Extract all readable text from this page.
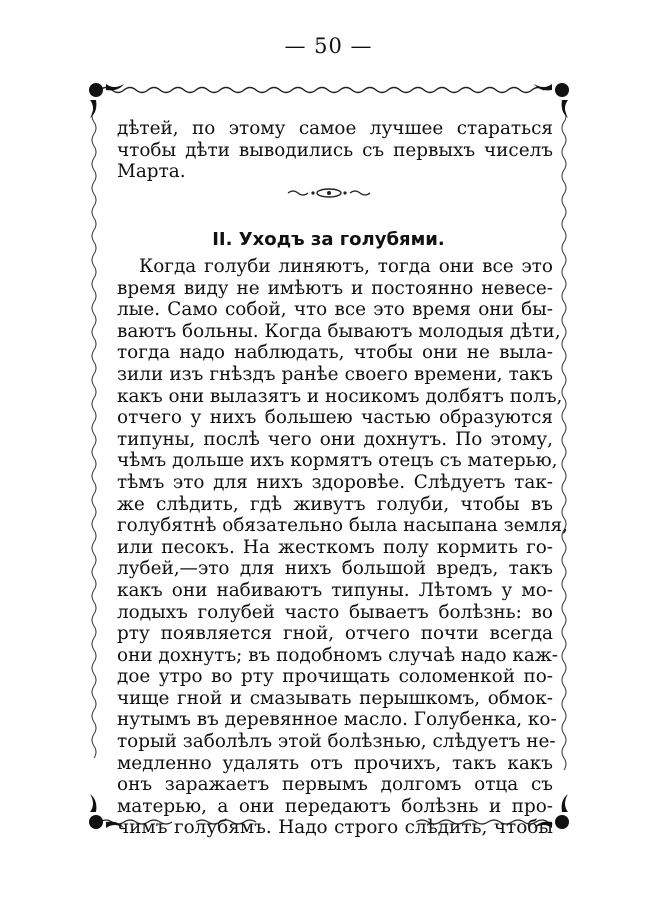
— 50 —
дѣтей, по этому самое лучшее стараться
чтобы дѣти выводились съ первыхъ чиселъ
Марта.
II. Уходъ за голубями.
Когда голуби линяютъ, тогда они все это
время виду не имѣютъ и постоянно невесе-
лые. Само собой, что все это время они бы-
ваютъ больны. Когда бываютъ молодыя дѣти,
тогда надо наблюдать, чтобы они не выла-
зили изъ гнѣздъ ранѣе своего времени, такъ
какъ они вылазятъ и носикомъ долбятъ полъ,
отчего у нихъ большею частью образуются
типуны, послѣ чего они дохнутъ. По этому,
чѣмъ дольше ихъ кормятъ отецъ съ матерью,
тѣмъ это для нихъ здоровѣе. Слѣдуетъ так-
же слѣдить, гдѣ живутъ голуби, чтобы въ
голубятнѣ обязательно была насыпана земля,
или песокъ. На жесткомъ полу кормить го-
лубей,—это для нихъ большой вредъ, такъ
какъ они набиваютъ типуны. Лѣтомъ у мо-
лодыхъ голубей часто бываетъ болѣзнь: во
рту появляется гной, отчего почти всегда
они дохнутъ; въ подобномъ случаѣ надо каж-
дое утро во рту прочищать соломенкой по-
чище гной и смазывать перышкомъ, обмок-
нутымъ въ деревянное масло. Голубенка, ко-
торый заболѣлъ этой болѣзнью, слѣдуетъ не-
медленно удалять отъ прочихъ, такъ какъ
онъ заражаетъ первымъ долгомъ отца съ
матерью, а они передаютъ болѣзнь и про-
чимъ голубямъ. Надо строго слѣдить, чтобы
